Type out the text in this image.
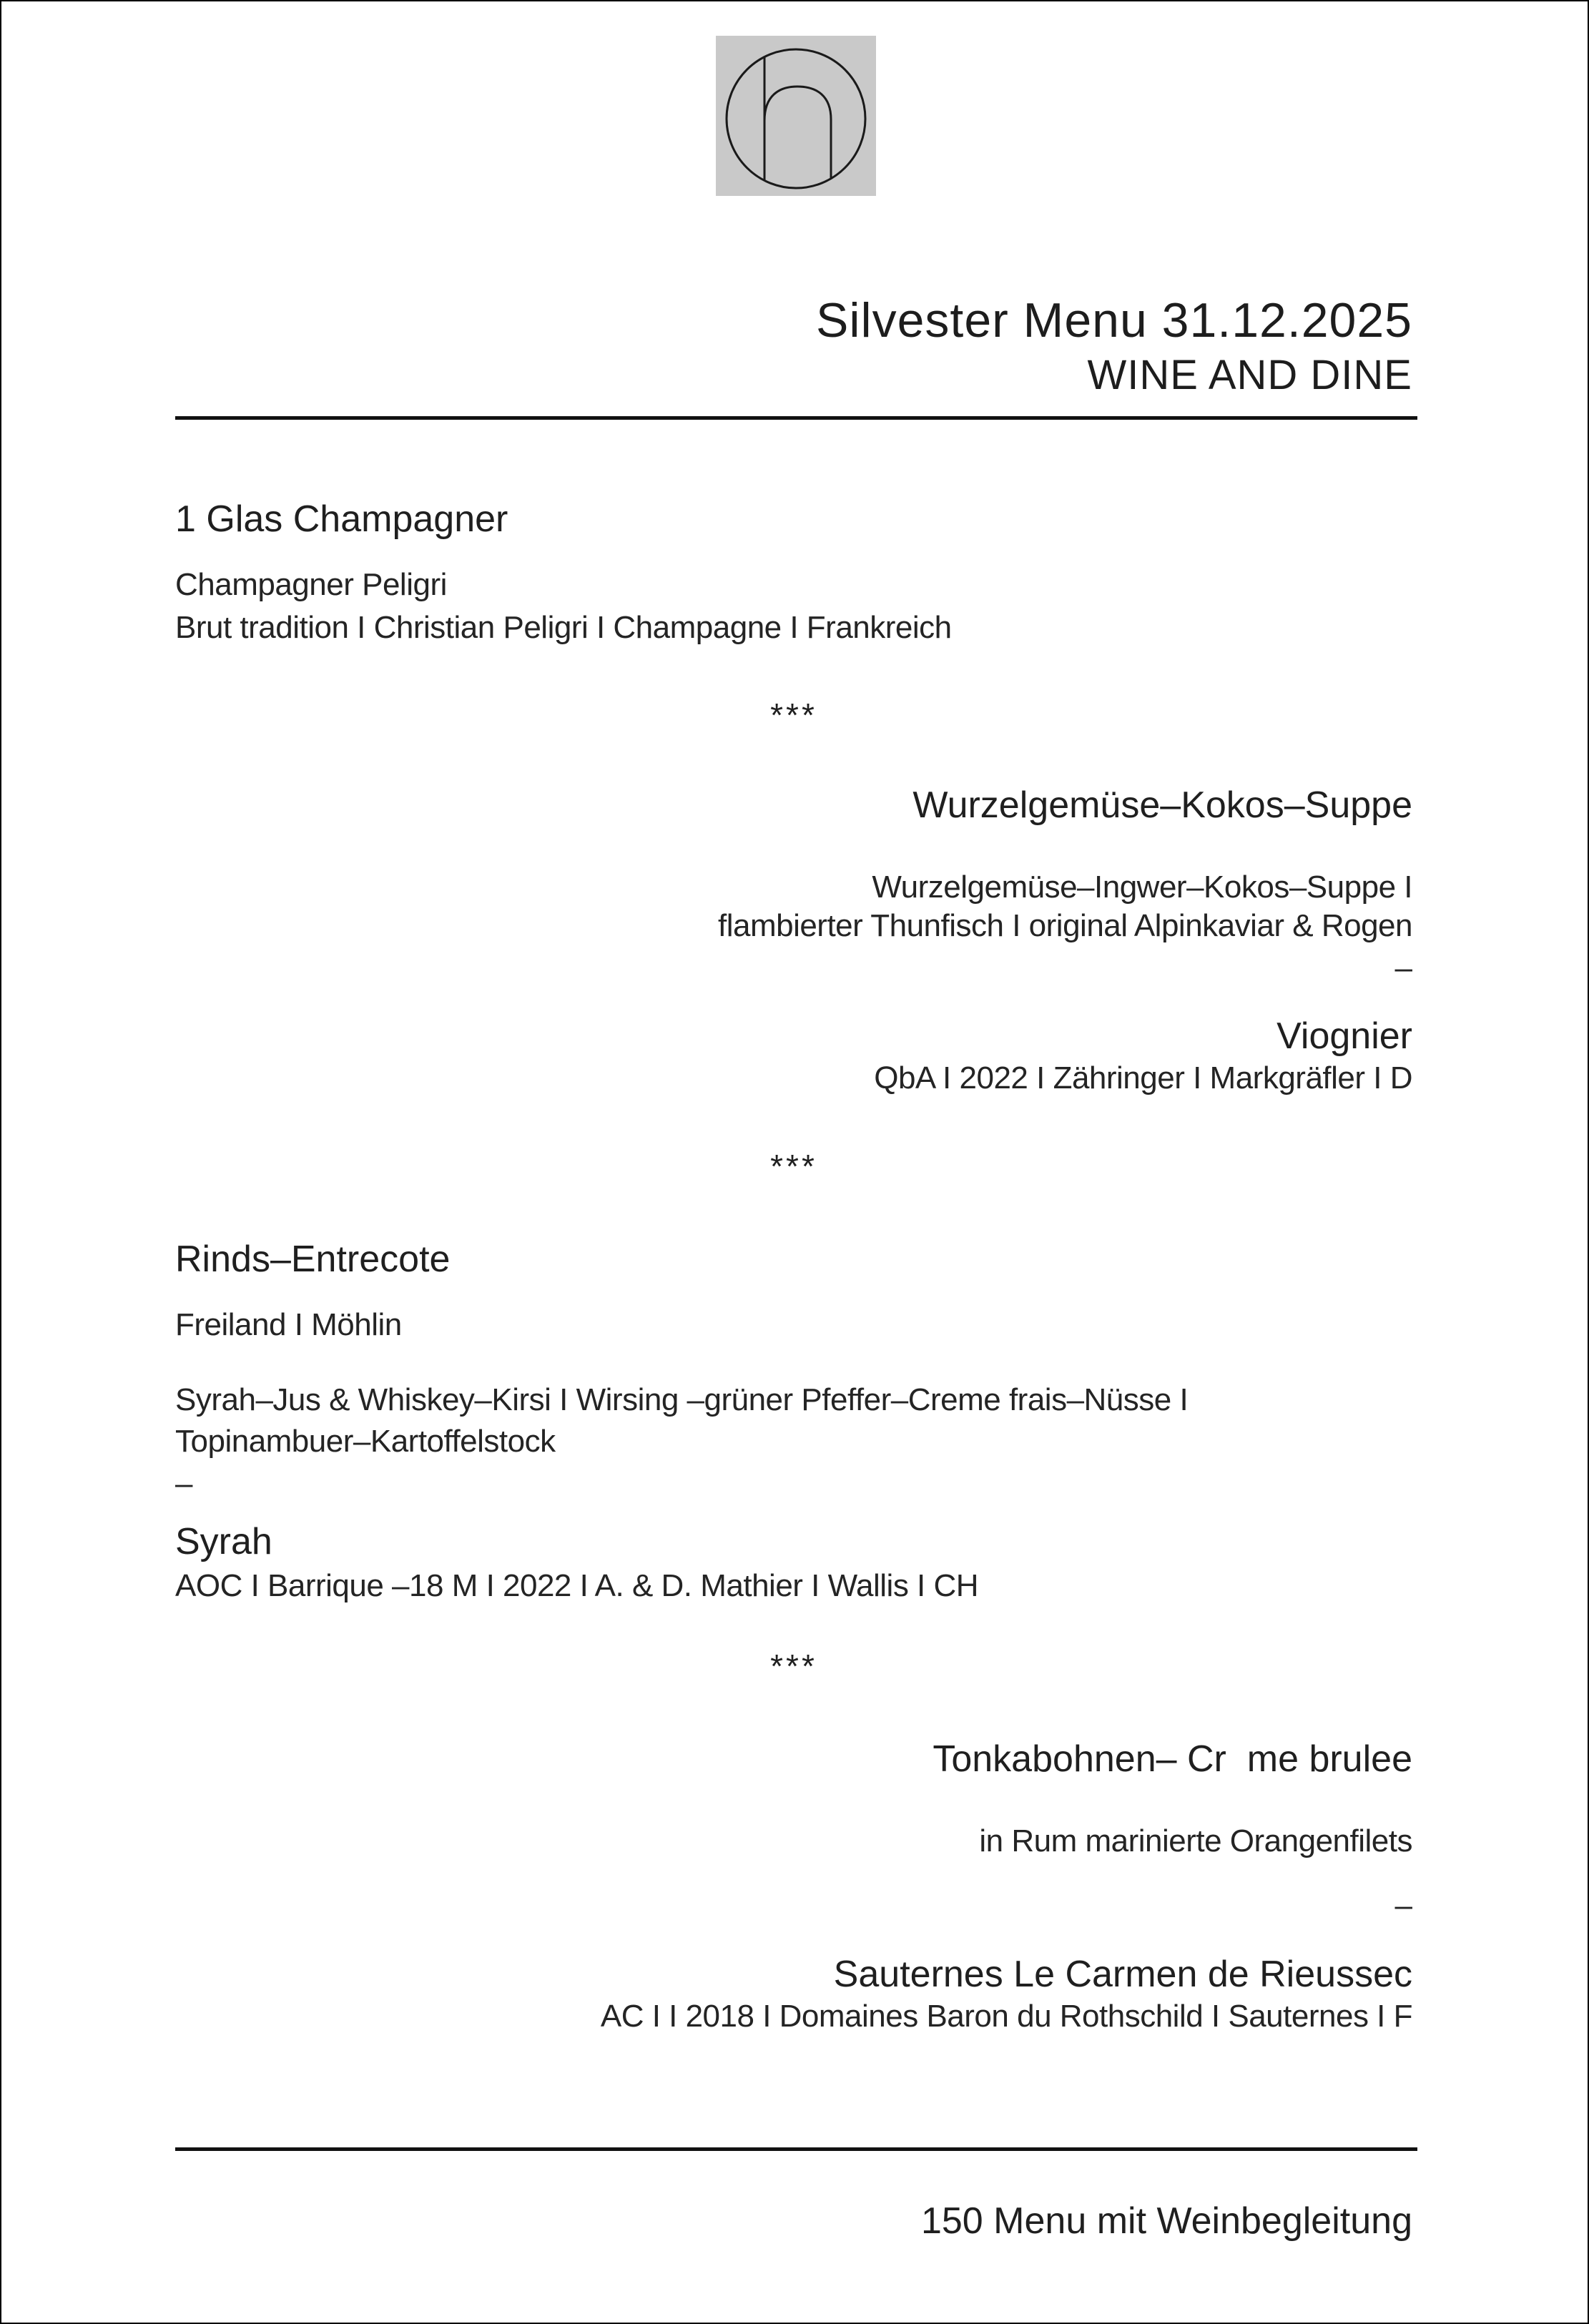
Silvester Menu 31.12.2025
WINE AND DINE
1 Glas Champagner
Champagner Peligri
Brut tradition I Christian Peligri I Champagne I Frankreich
***
Wurzelgemüse–Kokos–Suppe
Wurzelgemüse–Ingwer–Kokos–Suppe I
flambierter Thunfisch I original Alpinkaviar & Rogen
–
Viognier
QbA I 2022 I Zähringer I Markgräfler I D
***
Rinds–Entrecote
Freiland I Möhlin
Syrah–Jus & Whiskey–Kirsi I Wirsing –grüner Pfeffer–Creme frais–Nüsse I
Topinambuer–Kartoffelstock
–
Syrah
AOC I Barrique –18 M I 2022 I A. & D. Mathier I Wallis I CH
***
Tonkabohnen– Cr  me brulee
in Rum marinierte Orangenfilets
–
Sauternes Le Carmen de Rieussec
AC I I 2018 I Domaines Baron du Rothschild I Sauternes I F
150 Menu mit Weinbegleitung
